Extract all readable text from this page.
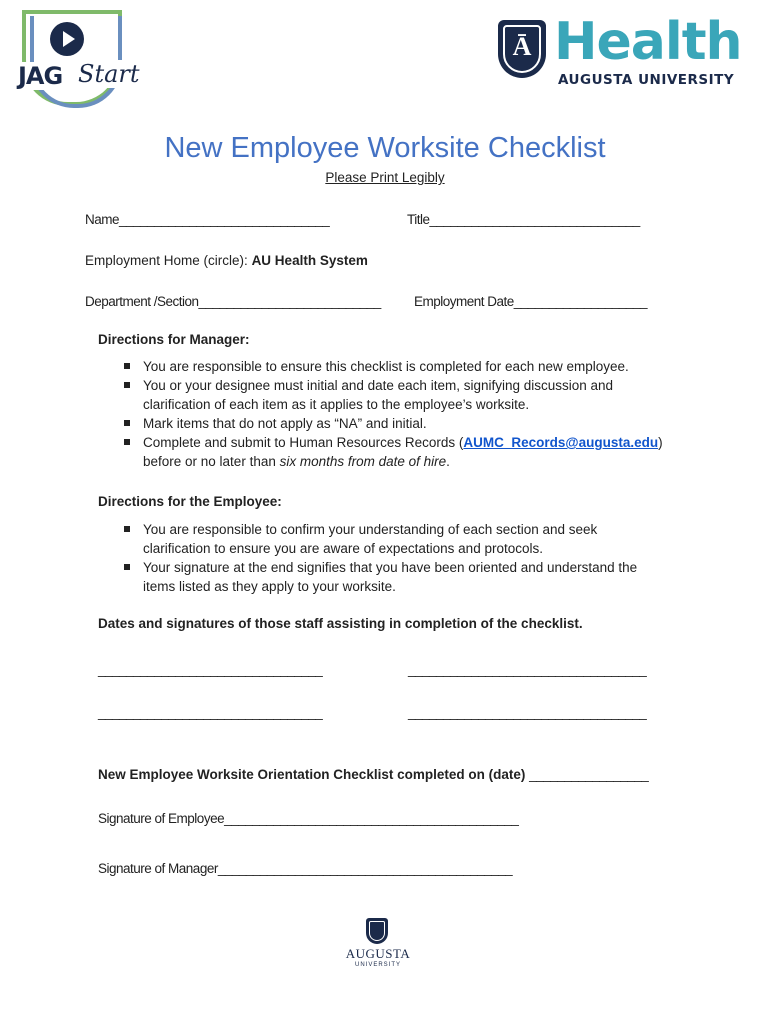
JAG Start
Ā
Health
AUGUSTA UNIVERSITY
New Employee Worksite Checklist
Please Print Legibly
Name______________________________	Title______________________________
Employment Home (circle): AU Health System
Department /Section__________________________ Employment Date___________________
Directions for Manager:
You are responsible to ensure this checklist is completed for each new employee.
You or your designee must initial and date each item, signifying discussion and clarification of each item as it applies to the employee’s worksite.
Mark items that do not apply as “NA” and initial.
Complete and submit to Human Resources Records (AUMC_Records@augusta.edu) before or no later than six months from date of hire.
Directions for the Employee:
You are responsible to confirm your understanding of each section and seek clarification to ensure you are aware of expectations and protocols.
Your signature at the end signifies that you have been oriented and understand the items listed as they apply to your worksite.
Dates and signatures of those staff assisting in completion of the checklist.
________________________________	__________________________________
________________________________	__________________________________
New Employee Worksite Orientation Checklist completed on (date) _________________
Signature of Employee__________________________________________
Signature of Manager__________________________________________
AUGUSTA
UNIVERSITY
